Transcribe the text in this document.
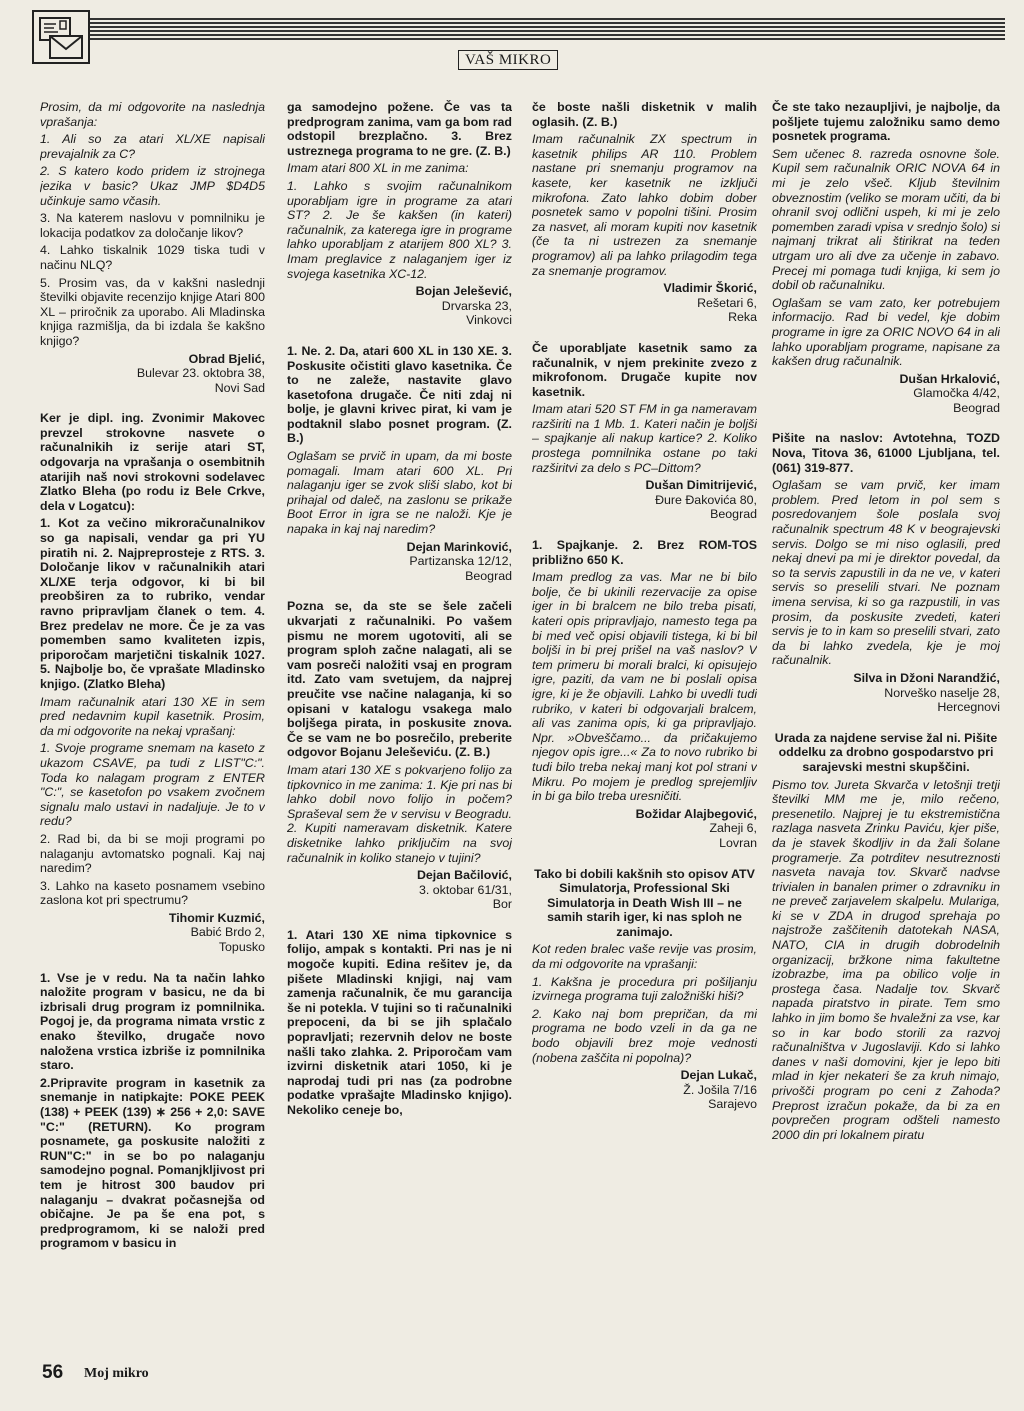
VAŠ MIKRO
Prosim, da mi odgovorite na naslednja vprašanja:
1. Ali so za atari XL/XE napisali prevajalnik za C?
2. S katero kodo pridem iz strojnega jezika v basic? Ukaz JMP $D4D5 učinkuje samo včasih.
3. Na katerem naslovu v pomnilniku je lokacija podatkov za določanje likov?
4. Lahko tiskalnik 1029 tiska tudi v načinu NLQ?
5. Prosim vas, da v kakšni naslednji številki objavite recenzijo knjige Atari 800 XL – priročnik za uporabo. Ali Mladinska knjiga razmišlja, da bi izdala še kakšno knjigo?
Obrad Bjelić,
Bulevar 23. oktobra 38,
Novi Sad
Ker je dipl. ing. Zvonimir Makovec prevzel strokovne nasvete o računalnikih iz serije atari ST, odgovarja na vprašanja o osembitnih atarijih naš novi strokovni sodelavec Zlatko Bleha (po rodu iz Bele Crkve, dela v Logatcu):
1. Kot za večino mikroračunalnikov so ga napisali, vendar ga pri YU piratih ni. 2. Najpreprosteje z RTS. 3. Določanje likov v računalnikih atari XL/XE terja odgovor, ki bi bil preobširen za to rubriko, vendar ravno pripravljam članek o tem. 4. Brez predelav ne more. Če je za vas pomemben samo kvaliteten izpis, priporočam marjetični tiskalnik 1027. 5. Najbolje bo, če vprašate Mladinsko knjigo. (Zlatko Bleha)
Imam računalnik atari 130 XE in sem pred nedavnim kupil kasetnik. Prosim, da mi odgovorite na nekaj vprašanj:
1. Svoje programe snemam na kaseto z ukazom CSAVE, pa tudi z LIST"C:". Toda ko nalagam program z ENTER "C:", se kasetofon po vsakem zvočnem signalu malo ustavi in nadaljuje. Je to v redu?
2. Rad bi, da bi se moji programi po nalaganju avtomatsko pognali. Kaj naj naredim?
3. Lahko na kaseto posnamem vsebino zaslona kot pri spectrumu?
Tihomir Kuzmić,
Babić Brdo 2,
Topusko
1. Vse je v redu. Na ta način lahko naložite program v basicu, ne da bi izbrisali drug program iz pomnilnika. Pogoj je, da programa nimata vrstic z enako številko, drugače novo naložena vrstica izbriše iz pomnilnika staro.
2.Pripravite program in kasetnik za snemanje in natipkajte: POKE PEEK (138) + PEEK (139) ∗ 256 + 2,0: SAVE "C:" (RETURN). Ko program posnamete, ga poskusite naložiti z RUN"C:" in se bo po nalaganju samodejno pognal. Pomanjkljivost pri tem je hitrost 300 baudov pri nalaganju – dvakrat počasnejša od običajne. Je pa še ena pot, s predprogramom, ki se naloži pred programom v basicu in
ga samodejno požene. Če vas ta predprogram zanima, vam ga bom rad odstopil brezplačno. 3. Brez ustreznega programa to ne gre. (Z. B.)
Imam atari 800 XL in me zanima:
1. Lahko s svojim računalnikom uporabljam igre in programe za atari ST? 2. Je še kakšen (in kateri) računalnik, za katerega igre in programe lahko uporabljam z atarijem 800 XL? 3. Imam preglavice z nalaganjem iger iz svojega kasetnika XC-12.
Bojan Jelešević,
Drvarska 23,
Vinkovci
1. Ne. 2. Da, atari 600 XL in 130 XE. 3. Poskusite očistiti glavo kasetnika. Če to ne zaleže, nastavite glavo kasetofona drugače. Če niti zdaj ni bolje, je glavni krivec pirat, ki vam je podtaknil slabo posnet program. (Z. B.)
Oglašam se prvič in upam, da mi boste pomagali. Imam atari 600 XL. Pri nalaganju iger se zvok sliši slabo, kot bi prihajal od daleč, na zaslonu se prikaže Boot Error in igra se ne naloži. Kje je napaka in kaj naj naredim?
Dejan Marinković,
Partizanska 12/12,
Beograd
Pozna se, da ste se šele začeli ukvarjati z računalniki. Po vašem pismu ne morem ugotoviti, ali se program sploh začne nalagati, ali se vam posreči naložiti vsaj en program itd. Zato vam svetujem, da najprej preučite vse načine nalaganja, ki so opisani v katalogu vsakega malo boljšega pirata, in poskusite znova. Če se vam ne bo posrečilo, preberite odgovor Bojanu Jeleševiću. (Z. B.)
Imam atari 130 XE s pokvarjeno folijo za tipkovnico in me zanima: 1. Kje pri nas bi lahko dobil novo folijo in počem? Spraševal sem že v servisu v Beogradu. 2. Kupiti nameravam disketnik. Katere disketnike lahko priključim na svoj računalnik in koliko stanejo v tujini?
Dejan Bačilović,
3. oktobar 61/31,
Bor
1. Atari 130 XE nima tipkovnice s folijo, ampak s kontakti. Pri nas je ni mogoče kupiti. Edina rešitev je, da pišete Mladinski knjigi, naj vam zamenja računalnik, če mu garancija še ni potekla. V tujini so ti računalniki prepoceni, da bi se jih splačalo popravljati; rezervnih delov ne boste našli tako zlahka. 2. Priporočam vam izvirni disketnik atari 1050, ki je naprodaj tudi pri nas (za podrobne podatke vprašajte Mladinsko knjigo). Nekoliko ceneje bo,
če boste našli disketnik v malih oglasih. (Z. B.)
Imam računalnik ZX spectrum in kasetnik philips AR 110. Problem nastane pri snemanju programov na kasete, ker kasetnik ne izključi mikrofona. Zato lahko dobim dober posnetek samo v popolni tišini. Prosim za nasvet, ali moram kupiti nov kasetnik (če ta ni ustrezen za snemanje programov) ali pa lahko prilagodim tega za snemanje programov.
Vladimir Škorić,
Rešetari 6,
Reka
Če uporabljate kasetnik samo za računalnik, v njem prekinite zvezo z mikrofonom. Drugače kupite nov kasetnik.
Imam atari 520 ST FM in ga nameravam razširiti na 1 Mb. 1. Kateri način je boljši – spajkanje ali nakup kartice? 2. Koliko prostega pomnilnika ostane po taki razširitvi za delo s PC–Dittom?
Dušan Dimitrijević,
Đure Đakovića 80,
Beograd
1. Spajkanje. 2. Brez ROM-TOS približno 650 K.
Imam predlog za vas. Mar ne bi bilo bolje, če bi ukinili rezervacije za opise iger in bi bralcem ne bilo treba pisati, kateri opis pripravljajo, namesto tega pa bi med več opisi objavili tistega, ki bi bil boljši in bi prej prišel na vaš naslov? V tem primeru bi morali bralci, ki opisujejo igre, paziti, da vam ne bi poslali opisa igre, ki je že objavili. Lahko bi uvedli tudi rubriko, v kateri bi odgovarjali bralcem, ali vas zanima opis, ki ga pripravljajo. Npr. »Obveščamo... da pričakujemo njegov opis igre...« Za to novo rubriko bi tudi bilo treba nekaj manj kot pol strani v Mikru. Po mojem je predlog sprejemljiv in bi ga bilo treba uresničiti.
Božidar Alajbegović,
Zaheji 6,
Lovran
Tako bi dobili kakšnih sto opisov ATV Simulatorja, Professional Ski Simulatorja in Death Wish III – ne samih starih iger, ki nas sploh ne zanimajo.
Kot reden bralec vaše revije vas prosim, da mi odgovorite na vprašanji:
1. Kakšna je procedura pri pošiljanju izvirnega programa tuji založniški hiši?
2. Kako naj bom prepričan, da mi programa ne bodo vzeli in da ga ne bodo objavili brez moje vednosti (nobena zaščita ni popolna)?
Dejan Lukač,
Ž. Jošila 7/16
Sarajevo
Če ste tako nezaupljivi, je najbolje, da pošljete tujemu založniku samo demo posnetek programa.
Sem učenec 8. razreda osnovne šole. Kupil sem računalnik ORIC NOVA 64 in mi je zelo všeč. Kljub številnim obveznostim (veliko se moram učiti, da bi ohranil svoj odlični uspeh, ki mi je zelo pomemben zaradi vpisa v srednjo šolo) si najmanj trikrat ali štirikrat na teden utrgam uro ali dve za učenje in zabavo. Precej mi pomaga tudi knjiga, ki sem jo dobil ob računalniku.
Oglašam se vam zato, ker potrebujem informacijo. Rad bi vedel, kje dobim programe in igre za ORIC NOVO 64 in ali lahko uporabljam programe, napisane za kakšen drug računalnik.
Dušan Hrkalović,
Glamočka 4/42,
Beograd
Pišite na naslov: Avtotehna, TOZD Nova, Titova 36, 61000 Ljubljana, tel. (061) 319-877.
Oglašam se vam prvič, ker imam problem. Pred letom in pol sem s posredovanjem šole poslala svoj računalnik spectrum 48 K v beograjevski servis. Dolgo se mi niso oglasili, pred nekaj dnevi pa mi je direktor povedal, da so ta servis zapustili in da ne ve, v kateri servis so preselili stvari. Ne poznam imena servisa, ki so ga razpustili, in vas prosim, da poskusite zvedeti, kateri servis je to in kam so preselili stvari, zato da bi lahko zvedela, kje je moj računalnik.
Silva in Džoni Narandžić,
Norveško naselje 28,
Hercegnovi
Urada za najdene servise žal ni. Pišite oddelku za drobno gospodarstvo pri sarajevski mestni skupščini.
Pismo tov. Jureta Skvarča v letošnji tretji številki MM me je, milo rečeno, presenetilo. Najprej je tu ekstremistična razlaga nasveta Zrinku Paviću, kjer piše, da je stavek škodljiv in da žali šolane programerje. Za potrditev nesutreznosti nasveta navaja tov. Skvarč nadvse trivialen in banalen primer o zdravniku in ne preveč zarjavelem skalpelu. Mulariga, ki se v ZDA in drugod sprehaja po najstrože zaščitenih datotekah NASA, NATO, CIA in drugih dobrodelnih organizacij, bržkone nima fakultetne izobrazbe, ima pa obilico volje in prostega časa. Nadalje tov. Skvarč napada piratstvo in pirate. Tem smo lahko in jim bomo še hvaležni za vse, kar so in kar bodo storili za razvoj računalništva v Jugoslaviji. Kdo si lahko danes v naši domovini, kjer je lepo biti mlad in kjer nekateri še za kruh nimajo, privošči program po ceni z Zahoda? Preprost izračun pokaže, da bi za en povprečen program odšteli namesto 2000 din pri lokalnem piratu
56 Moj mikro
